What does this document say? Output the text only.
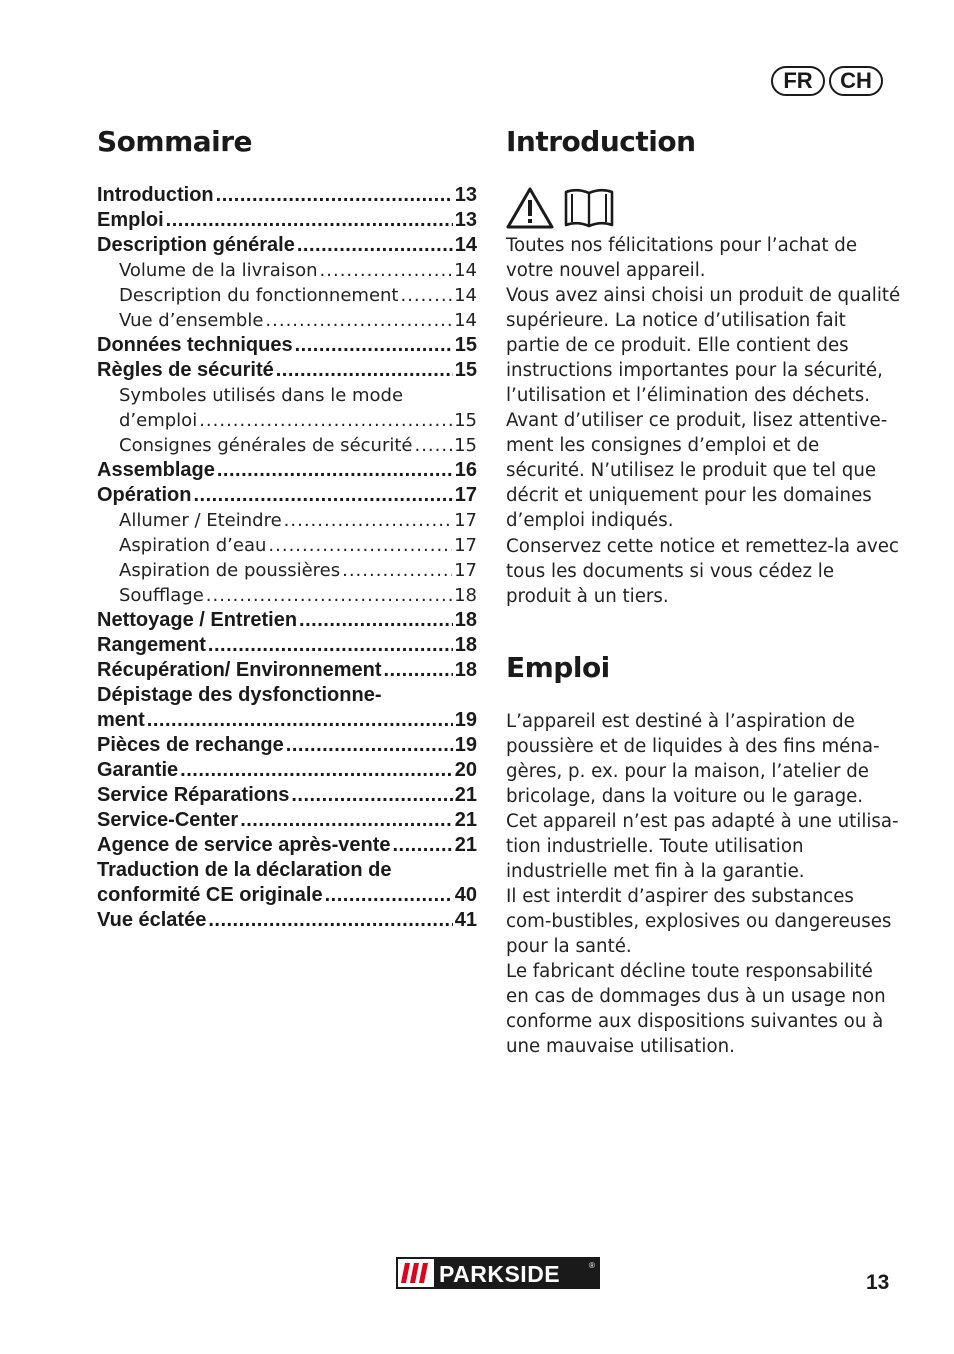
FR	CH
Sommaire
Introduction .....	13
Emploi .....	13
Description générale .....	14
Volume de la livraison .....	14
Description du fonctionnement .....	14
Vue d’ensemble .....	14
Données techniques .....	15
Règles de sécurité .....	15
Symboles utilisés dans le mode
d’emploi .....	15
Consignes générales de sécurité ..... 15
Assemblage .....	16
Opération .....	17
Allumer / Eteindre .....	17
Aspiration d’eau .....	17
Aspiration de poussières .....	17
Soufflage .....	18
Nettoyage / Entretien .....	18
Rangement .....	18
Récupération/ Environnement .....	18
Dépistage des dysfonctionne-
ment .....	19
Pièces de rechange .....	19
Garantie .....	20
Service Réparations .....	21
Service-Center .....	21
Agence de service après-vente .....	21
Traduction de la déclaration de
conformité CE originale .....	40
Vue éclatée .....	41
Introduction

Toutes nos félicitations pour l’achat de votre nouvel appareil.

Vous avez ainsi choisi un produit de qualité supérieure. La notice d’utilisation fait partie de ce produit. Elle contient des instructions importantes pour la sécurité, l’utilisation et l’élimination des déchets. Avant d’utiliser ce produit, lisez attentive-ment les consignes d’emploi et de sécurité. N’utilisez le produit que tel que décrit et uniquement pour les domaines d’emploi indiqués.

Conservez cette notice et remettez-la avec tous les documents si vous cédez le produit à un tiers.

Emploi

L’appareil est destiné à l’aspiration de poussière et de liquides à des fins ména-gères, p. ex. pour la maison, l’atelier de bricolage, dans la voiture ou le garage.

Cet appareil n’est pas adapté à une utilisa-tion industrielle. Toute utilisation industrielle met fin à la garantie.

Il est interdit d’aspirer des substances com-bustibles, explosives ou dangereuses pour la santé.

Le fabricant décline toute responsabilité en cas de dommages dus à un usage non conforme aux dispositions suivantes ou à une mauvaise utilisation.

PARKSIDE	®
13
